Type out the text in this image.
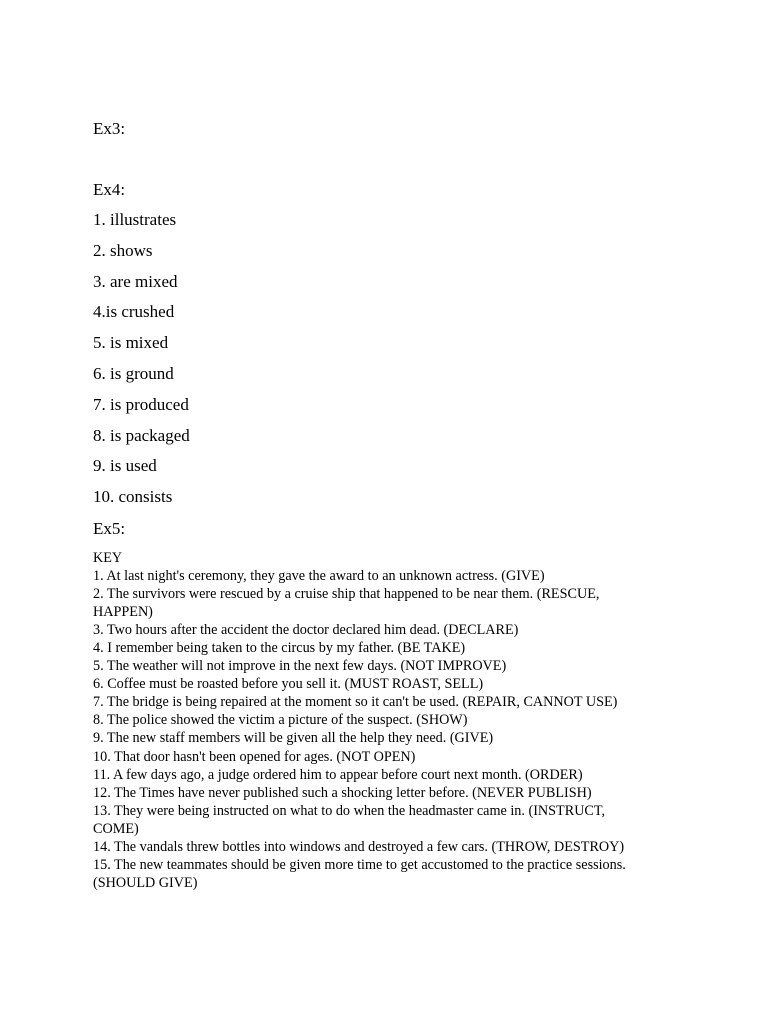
Ex3:

Ex4:

1. illustrates
2. shows
3. are mixed
4.is crushed
5. is mixed
6. is ground
7. is produced
8. is packaged
9. is used
10. consists

Ex5:

KEY

1. At last night's ceremony, they gave the award to an unknown actress. (GIVE)

2. The survivors were rescued by a cruise ship that happened to be near them. (RESCUE, HAPPEN)

3. Two hours after the accident the doctor declared him dead. (DECLARE)

4. I remember being taken to the circus by my father. (BE TAKE)

5. The weather will not improve in the next few days. (NOT IMPROVE)

6. Coffee must be roasted before you sell it. (MUST ROAST, SELL)

7. The bridge is being repaired at the moment so it can't be used. (REPAIR, CANNOT USE)

8. The police showed the victim a picture of the suspect. (SHOW)

9. The new staff members will be given all the help they need. (GIVE)

10. That door hasn't been opened for ages. (NOT OPEN)

11. A few days ago, a judge ordered him to appear before court next month. (ORDER)

12. The Times have never published such a shocking letter before. (NEVER PUBLISH)

13. They were being instructed on what to do when the headmaster came in. (INSTRUCT, COME)

14. The vandals threw bottles into windows and destroyed a few cars. (THROW, DESTROY)

15. The new teammates should be given more time to get accustomed to the practice sessions. (SHOULD GIVE)
